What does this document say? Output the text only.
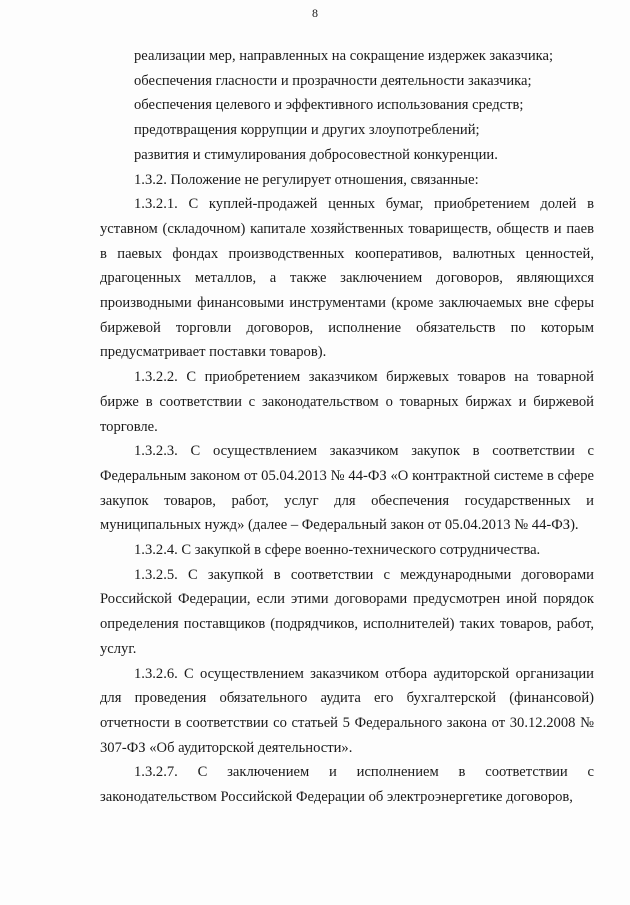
8

реализации мер, направленных на сокращение издержек заказчика;

обеспечения гласности и прозрачности деятельности заказчика;

обеспечения целевого и эффективного использования средств;

предотвращения коррупции и других злоупотреблений;

развития и стимулирования добросовестной конкуренции.

1.3.2. Положение не регулирует отношения, связанные:

1.3.2.1. С куплей-продажей ценных бумаг, приобретением долей в уставном (складочном) капитале хозяйственных товариществ, обществ и паев в паевых фондах производственных кооперативов, валютных ценностей, драгоценных металлов, а также заключением договоров, являющихся производными финансовыми инструментами (кроме заключаемых вне сферы биржевой торговли договоров, исполнение обязательств по которым предусматривает поставки товаров).

1.3.2.2. С приобретением заказчиком биржевых товаров на товарной бирже в соответствии с законодательством о товарных биржах и биржевой торговле.

1.3.2.3. С осуществлением заказчиком закупок в соответствии с Федеральным законом от 05.04.2013 № 44-ФЗ «О контрактной системе в сфере закупок товаров, работ, услуг для обеспечения государственных и муниципальных нужд» (далее – Федеральный закон от 05.04.2013 № 44-ФЗ).

1.3.2.4. С закупкой в сфере военно-технического сотрудничества.

1.3.2.5. С закупкой в соответствии с международными договорами Российской Федерации, если этими договорами предусмотрен иной порядок определения поставщиков (подрядчиков, исполнителей) таких товаров, работ, услуг.

1.3.2.6. С осуществлением заказчиком отбора аудиторской организации для проведения обязательного аудита его бухгалтерской (финансовой) отчетности в соответствии со статьей 5 Федерального закона от 30.12.2008 № 307-ФЗ «Об аудиторской деятельности».

1.3.2.7. С заключением и исполнением в соответствии с законодательством Российской Федерации об электроэнергетике договоров,
